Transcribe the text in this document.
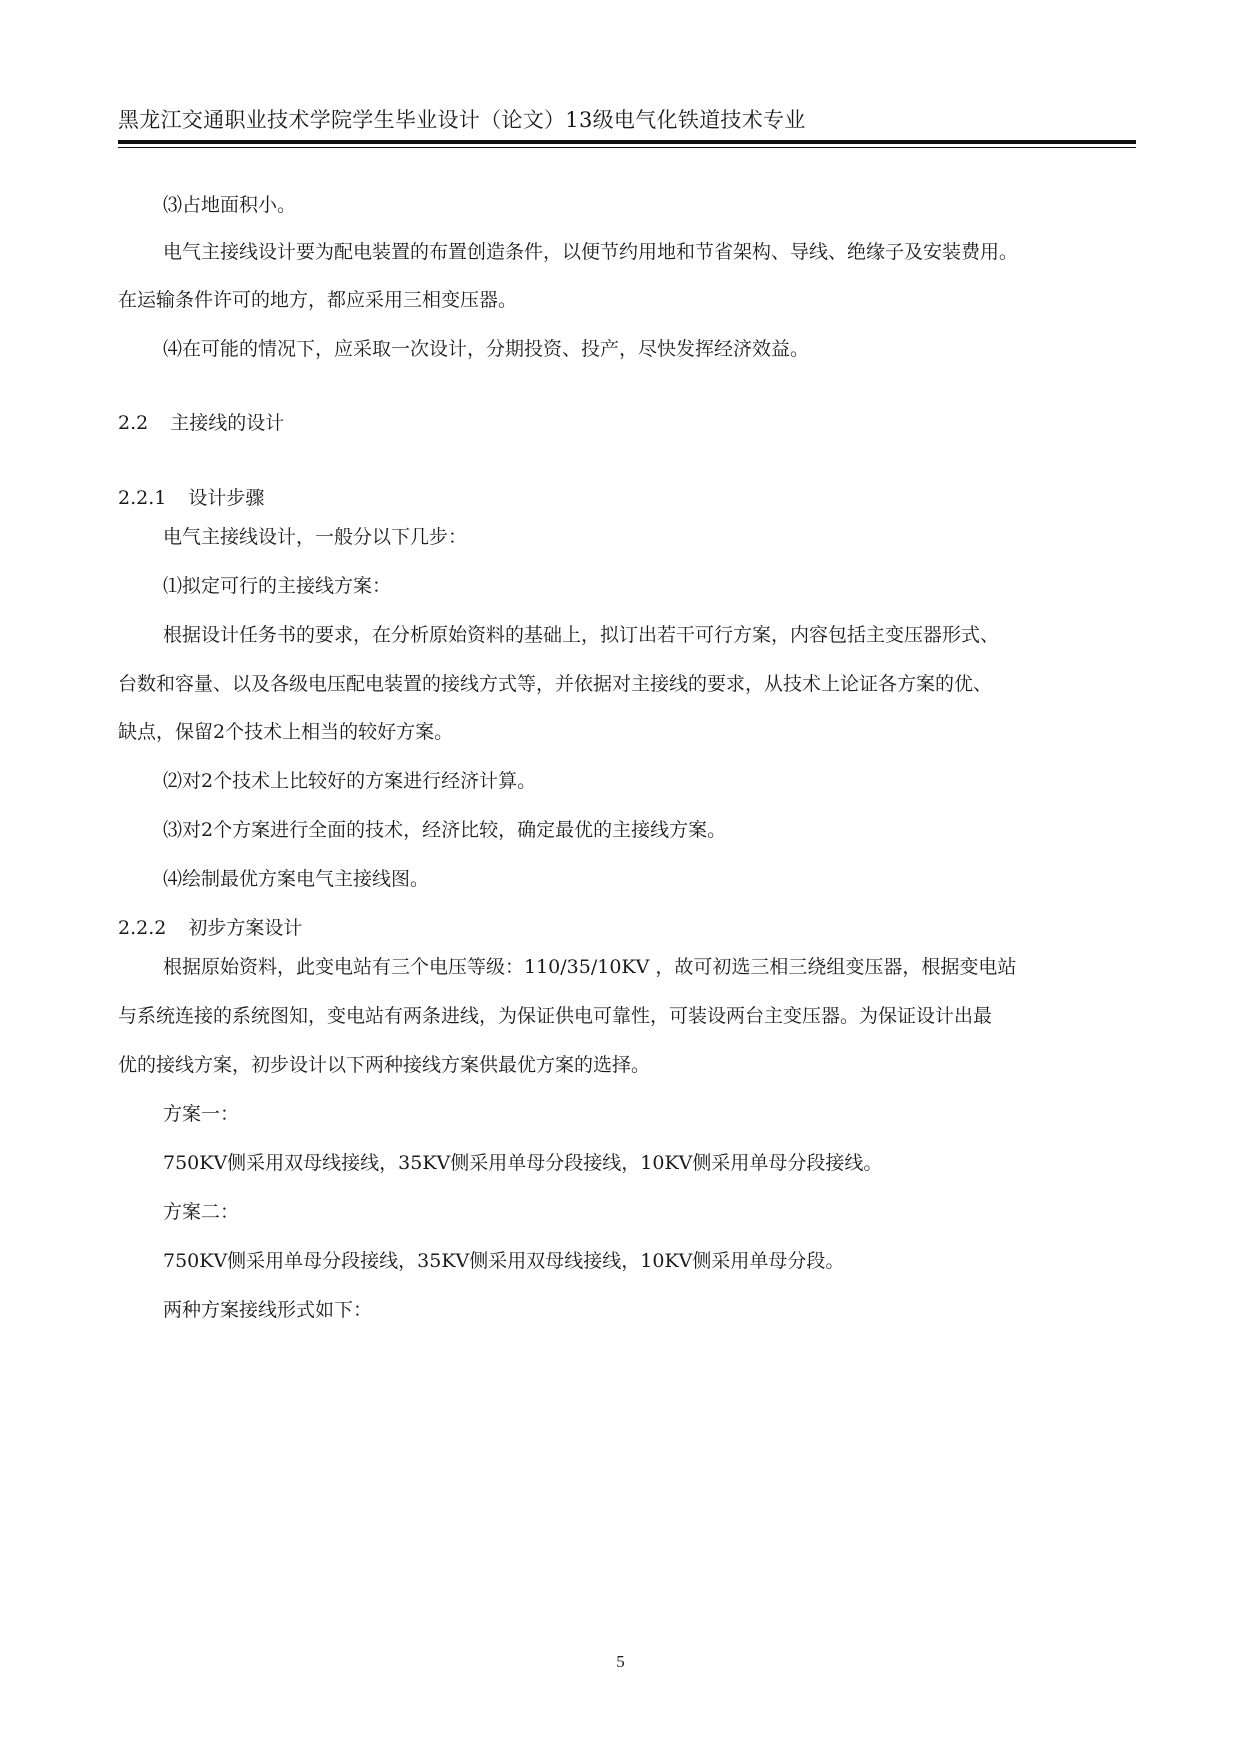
黑龙江交通职业技术学院学生毕业设计（论文）13级电气化铁道技术专业
⑶占地面积小。
电气主接线设计要为配电装置的布置创造条件，以便节约用地和节省架构、导线、绝缘子及安装费用。
在运输条件许可的地方，都应采用三相变压器。
⑷在可能的情况下，应采取一次设计，分期投资、投产，尽快发挥经济效益。
2.2 主接线的设计
2.2.1 设计步骤
电气主接线设计，一般分以下几步：
⑴拟定可行的主接线方案：
根据设计任务书的要求，在分析原始资料的基础上，拟订出若干可行方案，内容包括主变压器形式、
台数和容量、以及各级电压配电装置的接线方式等，并依据对主接线的要求，从技术上论证各方案的优、
缺点，保留2个技术上相当的较好方案。
⑵对2个技术上比较好的方案进行经济计算。
⑶对2个方案进行全面的技术，经济比较，确定最优的主接线方案。
⑷绘制最优方案电气主接线图。
2.2.2 初步方案设计
根据原始资料，此变电站有三个电压等级：110/35/10KV ，故可初选三相三绕组变压器，根据变电站
与系统连接的系统图知，变电站有两条进线，为保证供电可靠性，可装设两台主变压器。为保证设计出最
优的接线方案，初步设计以下两种接线方案供最优方案的选择。
方案一：
750KV侧采用双母线接线，35KV侧采用单母分段接线，10KV侧采用单母分段接线。
方案二：
750KV侧采用单母分段接线，35KV侧采用双母线接线，10KV侧采用单母分段。
两种方案接线形式如下：
5
